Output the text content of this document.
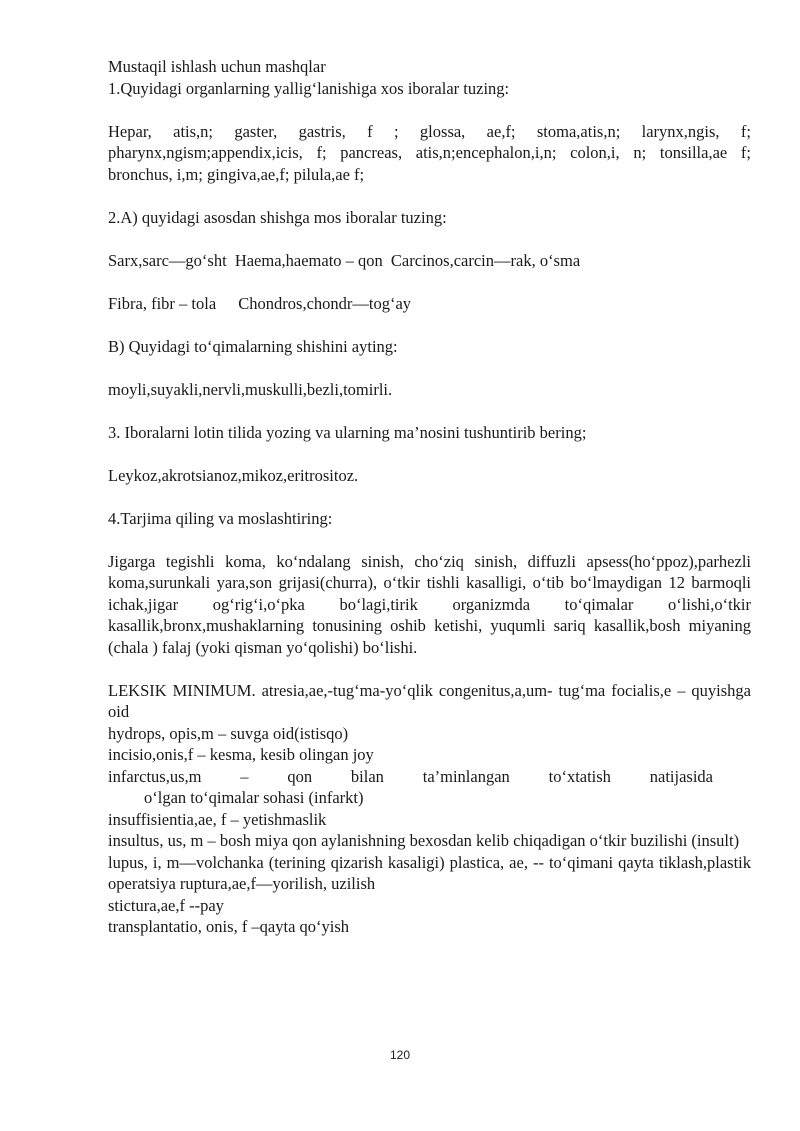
Mustaqil ishlash uchun mashqlar

1.Quyidagi organlarning yallig‘lanishiga xos iboralar tuzing:

Hepar, atis,n; gaster, gastris, f ; glossa, ae,f; stoma,atis,n; larynx,ngis, f; pharynx,ngism;appendix,icis, f; pancreas, atis,n;encephalon,i,n; colon,i, n; tonsilla,ae f; bronchus, i,m; gingiva,ae,f; pilula,ae f;

2.A) quyidagi asosdan shishga mos iboralar tuzing:

Sarx,sarc—go‘sht Haema,haemato – qon Carcinos,carcin—rak, o‘sma

Fibra, fibr – tola Chondros,chondr—tog‘ay

B) Quyidagi to‘qimalarning shishini ayting:

moyli,suyakli,nervli,muskulli,bezli,tomirli.

3. Iboralarni lotin tilida yozing va ularning ma’nosini tushuntirib bering;

Leykoz,akrotsianoz,mikoz,eritrositoz.

4.Tarjima qiling va moslashtiring:

Jigarga tegishli koma, ko‘ndalang sinish, cho‘ziq sinish, diffuzli apsess(ho‘ppoz),parhezli koma,surunkali yara,son grijasi(churra), o‘tkir tishli kasalligi, o‘tib bo‘lmaydigan 12 barmoqli ichak,jigar og‘rig‘i,o‘pka bo‘lagi,tirik organizmda to‘qimalar o‘lishi,o‘tkir kasallik,bronx,mushaklarning tonusining oshib ketishi, yuqumli sariq kasallik,bosh miyaning (chala ) falaj (yoki qisman yo‘qolishi) bo‘lishi.

LEKSIK MINIMUM. atresia,ae,-tug‘ma-yo‘qlik congenitus,a,um- tug‘ma focialis,e – quyishga oid

hydrops, opis,m – suvga oid(istisqo)

incisio,onis,f – kesma, kesib olingan joy

infarctus,us,m – qon bilan ta’minlangan to‘xtatish natijasida

o‘lgan to‘qimalar sohasi (infarkt)

insuffisientia,ae, f – yetishmaslik

insultus, us, m – bosh miya qon aylanishning bexosdan kelib chiqadigan o‘tkir buzilishi (insult)

lupus, i, m—volchanka (terining qizarish kasaligi) plastica, ae, -- to‘qimani qayta tiklash,plastik operatsiya ruptura,ae,f—yorilish, uzilish

stictura,ae,f --pay

transplantatio, onis, f –qayta qo‘yish

120
